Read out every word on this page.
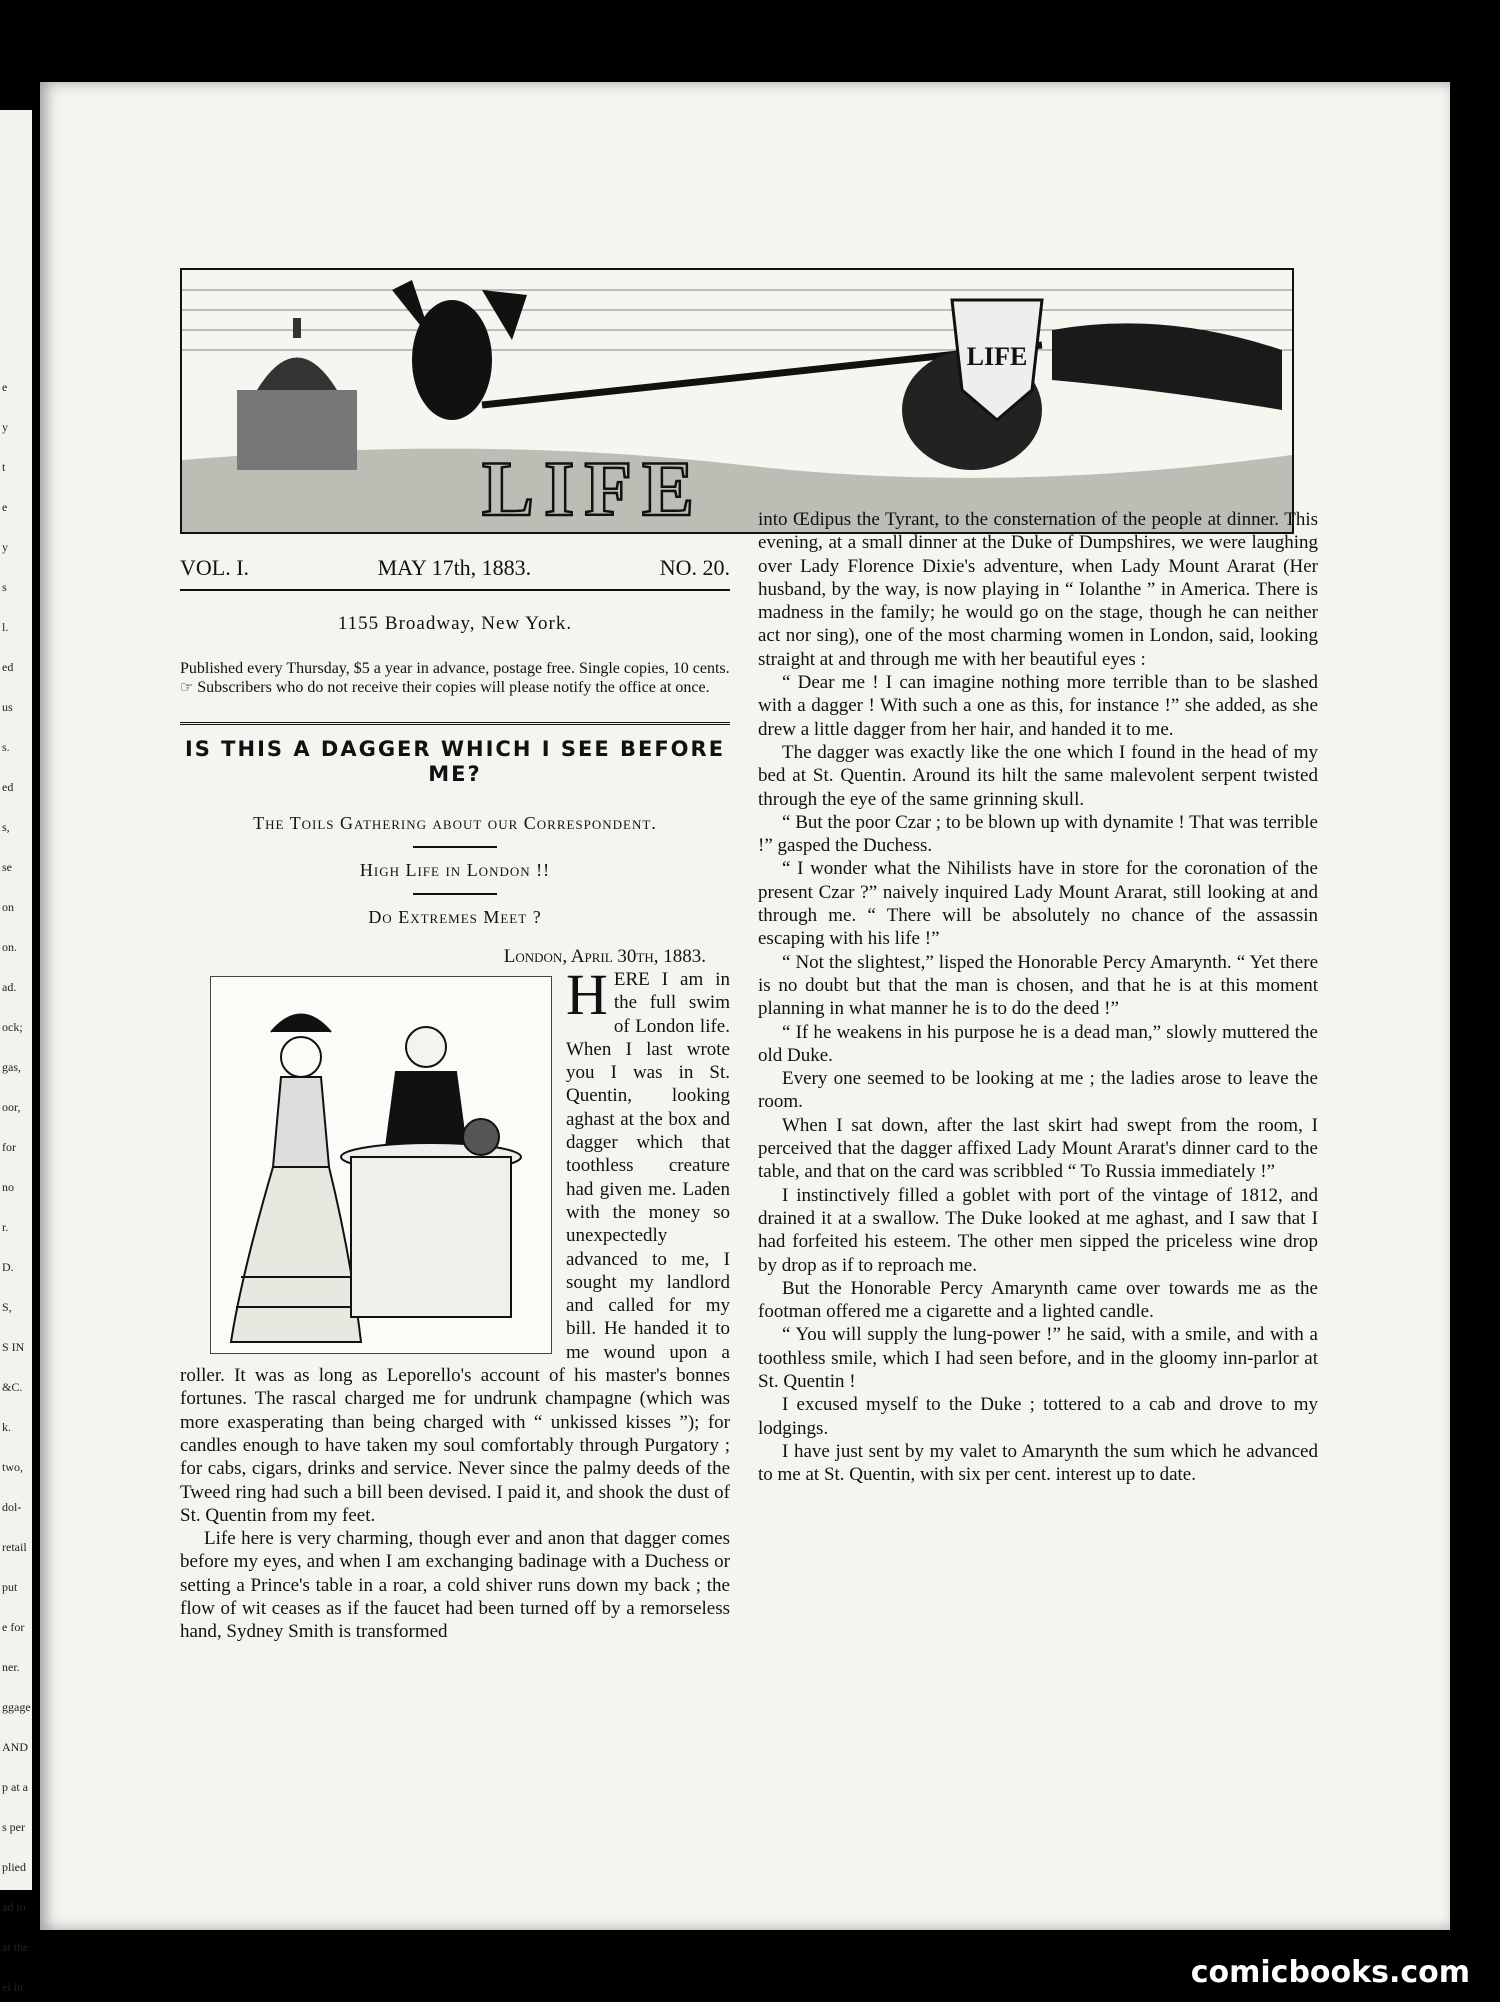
e
y
t
e
y
s
l.
ed
us
s.
ed
s,
se
on
on.
ad.
ock;
gas,
oor,
for
no
r.
D.
S,
S IN
&C.
k.
two,
dol-
retail
put
e for
ner.
ggage
AND
p at a
s per
plied
ad to
at the
el in
LIFE
LIFE
VOL. I.	MAY 17th, 1883.	NO. 20.
1155 Broadway, New York.

Published every Thursday, $5 a year in advance, postage free. Single copies, 10 cents.

☞ Subscribers who do not receive their copies will please notify the office at once.

IS THIS A DAGGER WHICH I SEE BEFORE ME?
The Toils Gathering about our Correspondent.
High Life in London !!
Do Extremes Meet ?
London, April 30th, 1883.

HERE I am in the full swim of London life. When I last wrote you I was in St. Quentin, looking aghast at the box and dagger which that toothless creature had given me. Laden with the money so unexpectedly advanced to me, I sought my landlord and called for my bill. He handed it to me wound upon a roller. It was as long as Leporello's account of his master's bonnes fortunes. The rascal charged me for undrunk champagne (which was more exasperating than being charged with “ unkissed kisses ”); for candles enough to have taken my soul comfortably through Purgatory ; for cabs, cigars, drinks and service. Never since the palmy deeds of the Tweed ring had such a bill been devised. I paid it, and shook the dust of St. Quentin from my feet.

Life here is very charming, though ever and anon that dagger comes before my eyes, and when I am exchanging badinage with a Duchess or setting a Prince's table in a roar, a cold shiver runs down my back ; the flow of wit ceases as if the faucet had been turned off by a remorseless hand, Sydney Smith is transformed

into Œdipus the Tyrant, to the consternation of the people at dinner. This evening, at a small dinner at the Duke of Dumpshires, we were laughing over Lady Florence Dixie's adventure, when Lady Mount Ararat (Her husband, by the way, is now playing in “ Iolanthe ” in America. There is madness in the family; he would go on the stage, though he can neither act nor sing), one of the most charming women in London, said, looking straight at and through me with her beautiful eyes :

“ Dear me ! I can imagine nothing more terrible than to be slashed with a dagger ! With such a one as this, for instance !” she added, as she drew a little dagger from her hair, and handed it to me.

The dagger was exactly like the one which I found in the head of my bed at St. Quentin. Around its hilt the same malevolent serpent twisted through the eye of the same grinning skull.

“ But the poor Czar ; to be blown up with dynamite ! That was terrible !” gasped the Duchess.

“ I wonder what the Nihilists have in store for the coronation of the present Czar ?” naively inquired Lady Mount Ararat, still looking at and through me. “ There will be absolutely no chance of the assassin escaping with his life !”

“ Not the slightest,” lisped the Honorable Percy Amarynth. “ Yet there is no doubt but that the man is chosen, and that he is at this moment planning in what manner he is to do the deed !”

“ If he weakens in his purpose he is a dead man,” slowly muttered the old Duke.

Every one seemed to be looking at me ; the ladies arose to leave the room.

When I sat down, after the last skirt had swept from the room, I perceived that the dagger affixed Lady Mount Ararat's dinner card to the table, and that on the card was scribbled “ To Russia immediately !”

I instinctively filled a goblet with port of the vintage of 1812, and drained it at a swallow. The Duke looked at me aghast, and I saw that I had forfeited his esteem. The other men sipped the priceless wine drop by drop as if to reproach me.

But the Honorable Percy Amarynth came over towards me as the footman offered me a cigarette and a lighted candle.

“ You will supply the lung-power !” he said, with a smile, and with a toothless smile, which I had seen before, and in the gloomy inn-parlor at St. Quentin !

I excused myself to the Duke ; tottered to a cab and drove to my lodgings.

I have just sent by my valet to Amarynth the sum which he advanced to me at St. Quentin, with six per cent. interest up to date.

comicbooks.com
